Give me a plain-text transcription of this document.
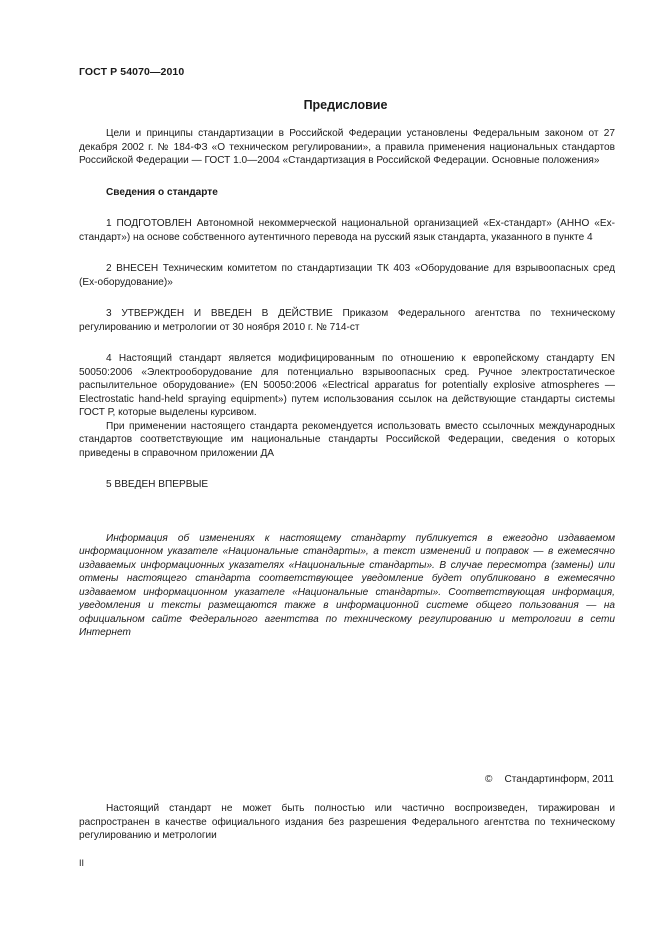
ГОСТ Р 54070—2010
Предисловие

Цели и принципы стандартизации в Российской Федерации установлены Федеральным законом от 27 декабря 2002 г. № 184-ФЗ «О техническом регулировании», а правила применения национальных стандартов Российской Федерации — ГОСТ 1.0—2004 «Стандартизация в Российской Федерации. Основные положения»

Сведения о стандарте

1 ПОДГОТОВЛЕН Автономной некоммерческой национальной организацией «Ех-стандарт» (АННО «Ех-стандарт») на основе собственного аутентичного перевода на русский язык стандарта, указанного в пункте 4

2 ВНЕСЕН Техническим комитетом по стандартизации ТК 403 «Оборудование для взрывоопасных сред (Ех-оборудование)»

3 УТВЕРЖДЕН И ВВЕДЕН В ДЕЙСТВИЕ Приказом Федерального агентства по техническому регулированию и метрологии от 30 ноября 2010 г. № 714-ст

4 Настоящий стандарт является модифицированным по отношению к европейскому стандарту EN 50050:2006 «Электрооборудование для потенциально взрывоопасных сред. Ручное электростатическое распылительное оборудование» (EN 50050:2006 «Electrical apparatus for potentially explosive atmospheres — Electrostatic hand-held spraying equipment») путем использования ссылок на действующие стандарты системы ГОСТ Р, которые выделены курсивом.

При применении настоящего стандарта рекомендуется использовать вместо ссылочных международных стандартов соответствующие им национальные стандарты Российской Федерации, сведения о которых приведены в справочном приложении ДА

5 ВВЕДЕН ВПЕРВЫЕ

Информация об изменениях к настоящему стандарту публикуется в ежегодно издаваемом информационном указателе «Национальные стандарты», а текст изменений и поправок — в ежемесячно издаваемых информационных указателях «Национальные стандарты». В случае пересмотра (замены) или отмены настоящего стандарта соответствующее уведомление будет опубликовано в ежемесячно издаваемом информационном указателе «Национальные стандарты». Соответствующая информация, уведомления и тексты размещаются также в информационной системе общего пользования — на официальном сайте Федерального агентства по техническому регулированию и метрологии в сети Интернет

© Стандартинформ, 2011

Настоящий стандарт не может быть полностью или частично воспроизведен, тиражирован и распространен в качестве официального издания без разрешения Федерального агентства по техническому регулированию и метрологии

II
